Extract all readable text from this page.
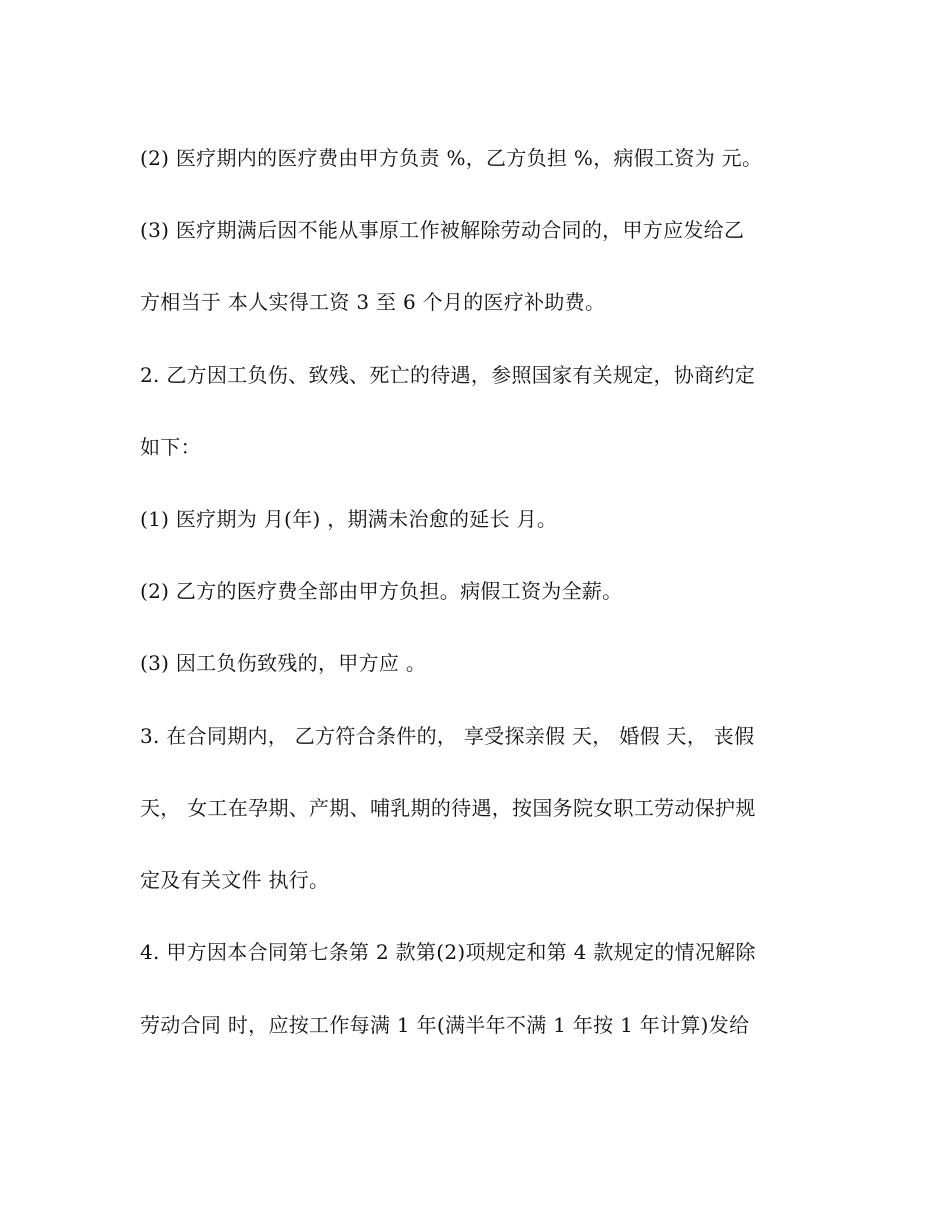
(2) 医疗期内的医疗费由甲方负责 %，乙方负担 %，病假工资为 元。
(3) 医疗期满后因不能从事原工作被解除劳动合同的，甲方应发给乙
方相当于 本人实得工资 3 至 6 个月的医疗补助费。
2. 乙方因工负伤、致残、死亡的待遇，参照国家有关规定，协商约定
如下：
(1) 医疗期为 月(年) ，期满未治愈的延长 月。
(2) 乙方的医疗费全部由甲方负担。病假工资为全薪。
(3) 因工负伤致残的，甲方应 。
3. 在合同期内， 乙方符合条件的， 享受探亲假 天， 婚假 天， 丧假
天， 女工在孕期、产期、哺乳期的待遇，按国务院女职工劳动保护规
定及有关文件 执行。
4. 甲方因本合同第七条第 2 款第(2)项规定和第 4 款规定的情况解除
劳动合同 时，应按工作每满 1 年(满半年不满 1 年按 1 年计算)发给
